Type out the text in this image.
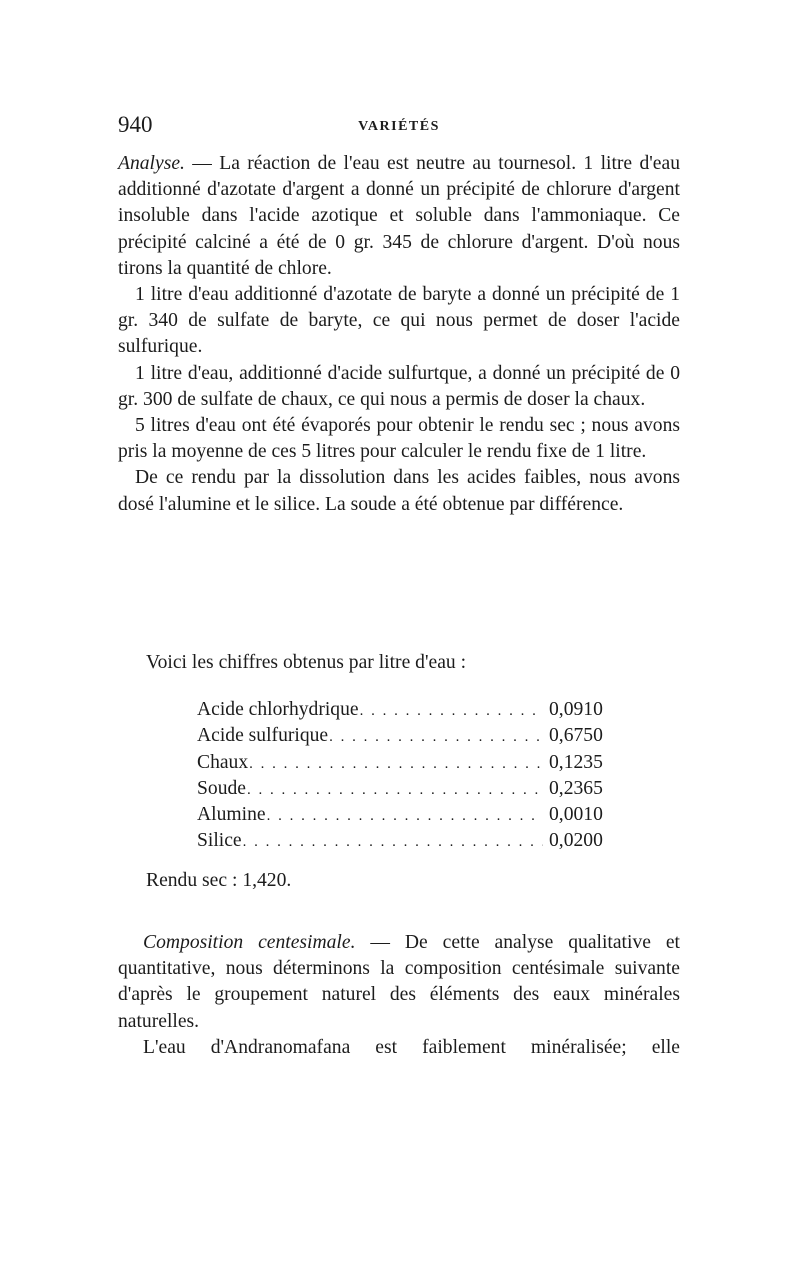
940	VARIÉTÉS

Analyse. — La réaction de l'eau est neutre au tournesol. 1 litre d'eau additionné d'azotate d'argent a donné un précipité de chlorure d'argent insoluble dans l'acide azotique et soluble dans l'ammoniaque. Ce précipité calciné a été de 0 gr. 345 de chlorure d'argent. D'où nous tirons la quantité de chlore.

1 litre d'eau additionné d'azotate de baryte a donné un précipité de 1 gr. 340 de sulfate de baryte, ce qui nous permet de doser l'acide sulfurique.

1 litre d'eau, additionné d'acide sulfurtque, a donné un précipité de 0 gr. 300 de sulfate de chaux, ce qui nous a permis de doser la chaux.

5 litres d'eau ont été évaporés pour obtenir le rendu sec ; nous avons pris la moyenne de ces 5 litres pour calculer le rendu fixe de 1 litre.

De ce rendu par la dissolution dans les acides faibles, nous avons dosé l'alumine et le silice. La soude a été obtenue par différence.

Voici les chiffres obtenus par litre d'eau :
Acide chlorhydrique . . .	0,0910
Acide sulfurique . . .	0,6750
Chaux . . .	0,1235
Soude . . .	0,2365
Alumine . . .	0,0010
Silice . . .	0,0200
Rendu sec : 1,420.

Composition centesimale. — De cette analyse qualitative et quantitative, nous déterminons la composition centésimale suivante d'après le groupement naturel des éléments des eaux minérales naturelles.

L'eau d'Andranomafana est faiblement minéralisée; elle
